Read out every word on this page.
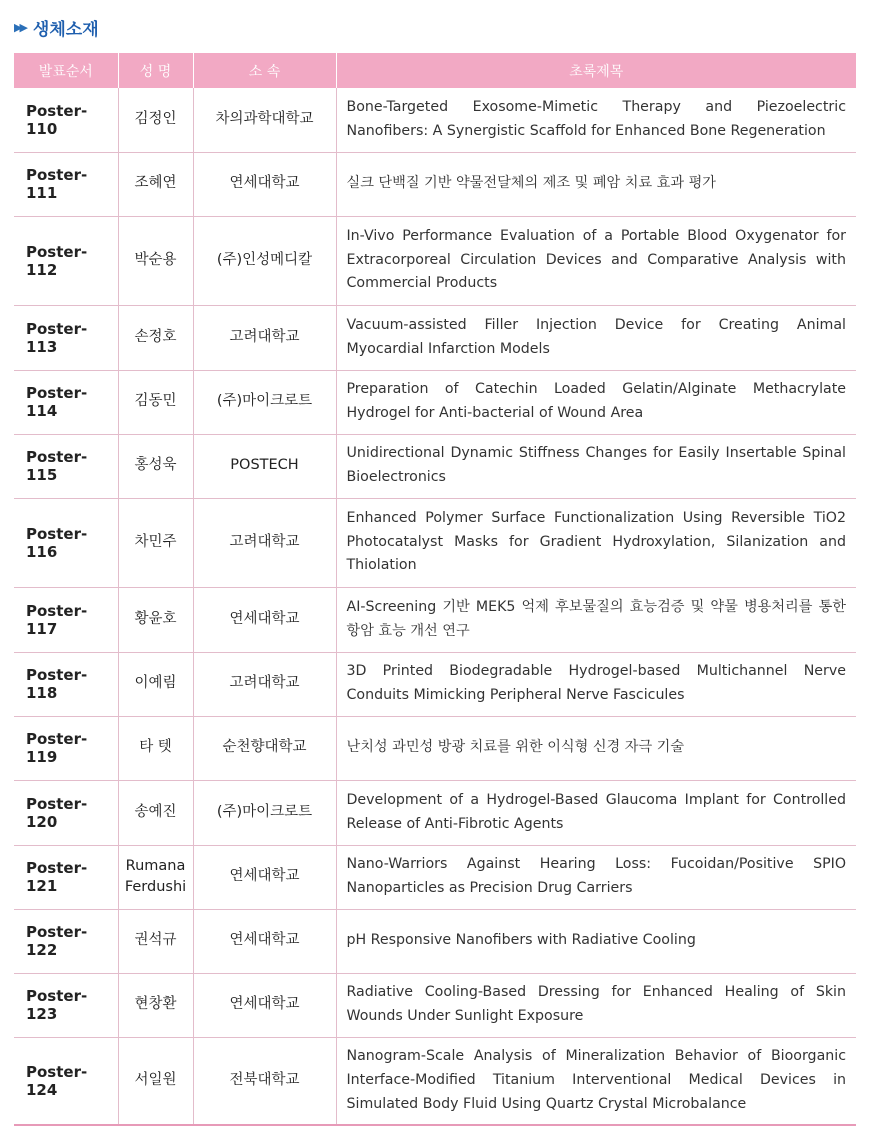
▶▶ 생체소재
발표순서	성 명	소 속	초록제목
Poster-110	김정인	차의과학대학교	Bone-Targeted Exosome-Mimetic Therapy and Piezoelectric Nanofibers: A Synergistic Scaffold for Enhanced Bone Regeneration
Poster-111	조혜연	연세대학교	실크 단백질 기반 약물전달체의 제조 및 폐암 치료 효과 평가
Poster-112	박순용	(주)인성메디칼	In-Vivo Performance Evaluation of a Portable Blood Oxygenator for Extracorporeal Circulation Devices and Comparative Analysis with Commercial Products
Poster-113	손정호	고려대학교	Vacuum-assisted Filler Injection Device for Creating Animal Myocardial Infarction Models
Poster-114	김동민	(주)마이크로트	Preparation of Catechin Loaded Gelatin/Alginate Methacrylate Hydrogel for Anti-bacterial of Wound Area
Poster-115	홍성욱	POSTECH	Unidirectional Dynamic Stiffness Changes for Easily Insertable Spinal Bioelectronics
Poster-116	차민주	고려대학교	Enhanced Polymer Surface Functionalization Using Reversible TiO2 Photocatalyst Masks for Gradient Hydroxylation, Silanization and Thiolation
Poster-117	황윤호	연세대학교	AI-Screening 기반 MEK5 억제 후보물질의 효능검증 및 약물 병용처리를 통한 항암 효능 개선 연구
Poster-118	이예림	고려대학교	3D Printed Biodegradable Hydrogel-based Multichannel Nerve Conduits Mimicking Peripheral Nerve Fascicules
Poster-119	타 텟	순천향대학교	난치성 과민성 방광 치료를 위한 이식형 신경 자극 기술
Poster-120	송예진	(주)마이크로트	Development of a Hydrogel-Based Glaucoma Implant for Controlled Release of Anti-Fibrotic Agents
Poster-121	Rumana Ferdushi	연세대학교	Nano-Warriors Against Hearing Loss: Fucoidan/Positive SPIO Nanoparticles as Precision Drug Carriers
Poster-122	권석규	연세대학교	pH Responsive Nanofibers with Radiative Cooling
Poster-123	현창환	연세대학교	Radiative Cooling-Based Dressing for Enhanced Healing of Skin Wounds Under Sunlight Exposure
Poster-124	서일원	전북대학교	Nanogram-Scale Analysis of Mineralization Behavior of Bioorganic Interface-Modified Titanium Interventional Medical Devices in Simulated Body Fluid Using Quartz Crystal Microbalance
